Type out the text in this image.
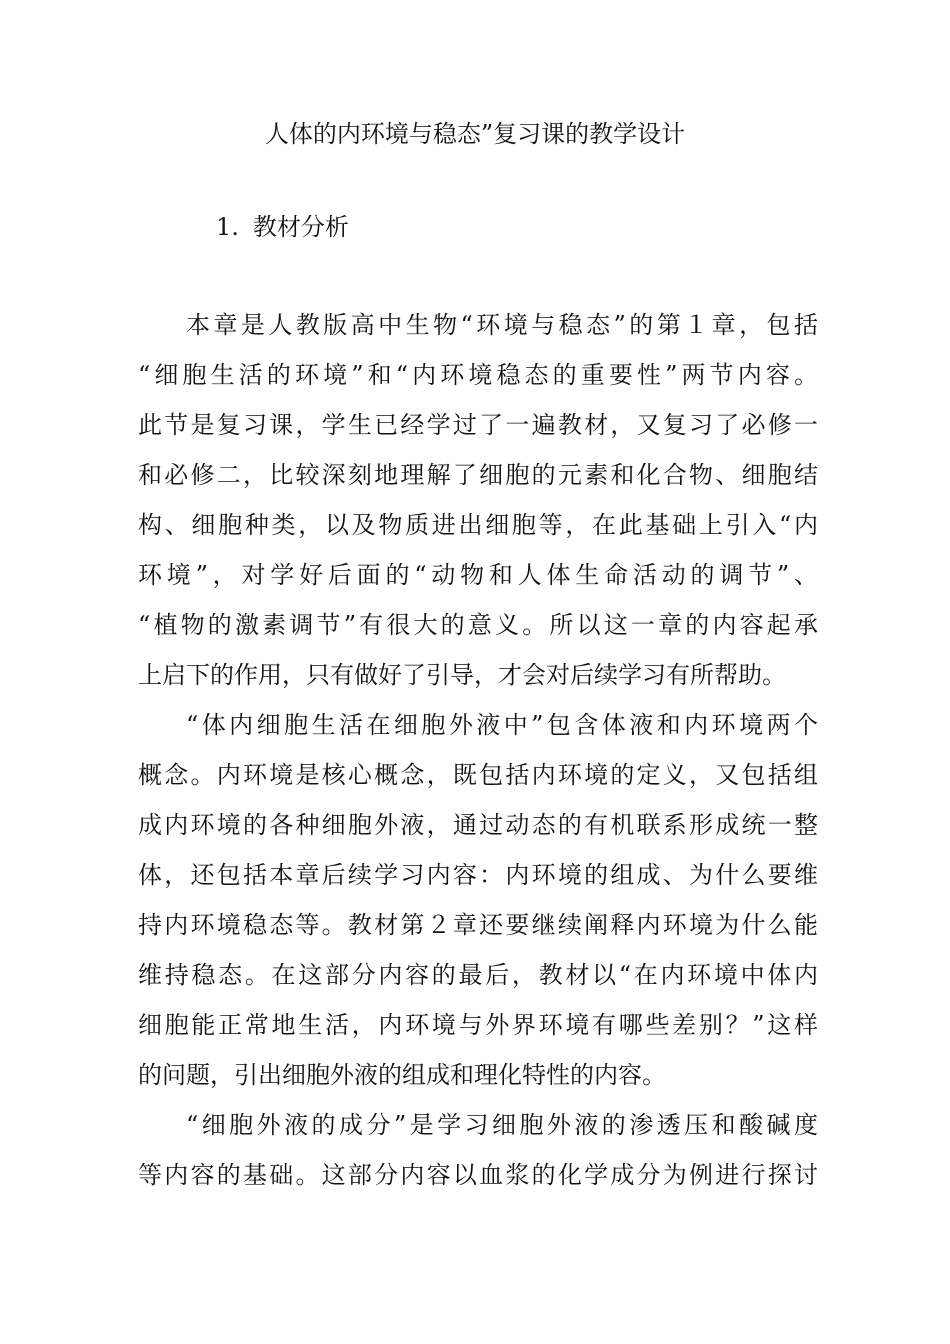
人体的内环境与稳态”复习课的教学设计
1. 教材分析
本章是人教版高中生物“环境与稳态”的第１章，包括
“细胞生活的环境”和“内环境稳态的重要性”两节内容。
此节是复习课，学生已经学过了一遍教材，又复习了必修一
和必修二，比较深刻地理解了细胞的元素和化合物、细胞结
构、细胞种类，以及物质进出细胞等，在此基础上引入“内
环境”，对学好后面的“动物和人体生命活动的调节”、
“植物的激素调节”有很大的意义。所以这一章的内容起承
上启下的作用，只有做好了引导，才会对后续学习有所帮助。
“体内细胞生活在细胞外液中”包含体液和内环境两个
概念。内环境是核心概念，既包括内环境的定义，又包括组
成内环境的各种细胞外液，通过动态的有机联系形成统一整
体，还包括本章后续学习内容：内环境的组成、为什么要维
持内环境稳态等。教材第２章还要继续阐释内环境为什么能
维持稳态。在这部分内容的最后，教材以“在内环境中体内
细胞能正常地生活，内环境与外界环境有哪些差别？”这样
的问题，引出细胞外液的组成和理化特性的内容。
“细胞外液的成分”是学习细胞外液的渗透压和酸碱度
等内容的基础。这部分内容以血浆的化学成分为例进行探讨
